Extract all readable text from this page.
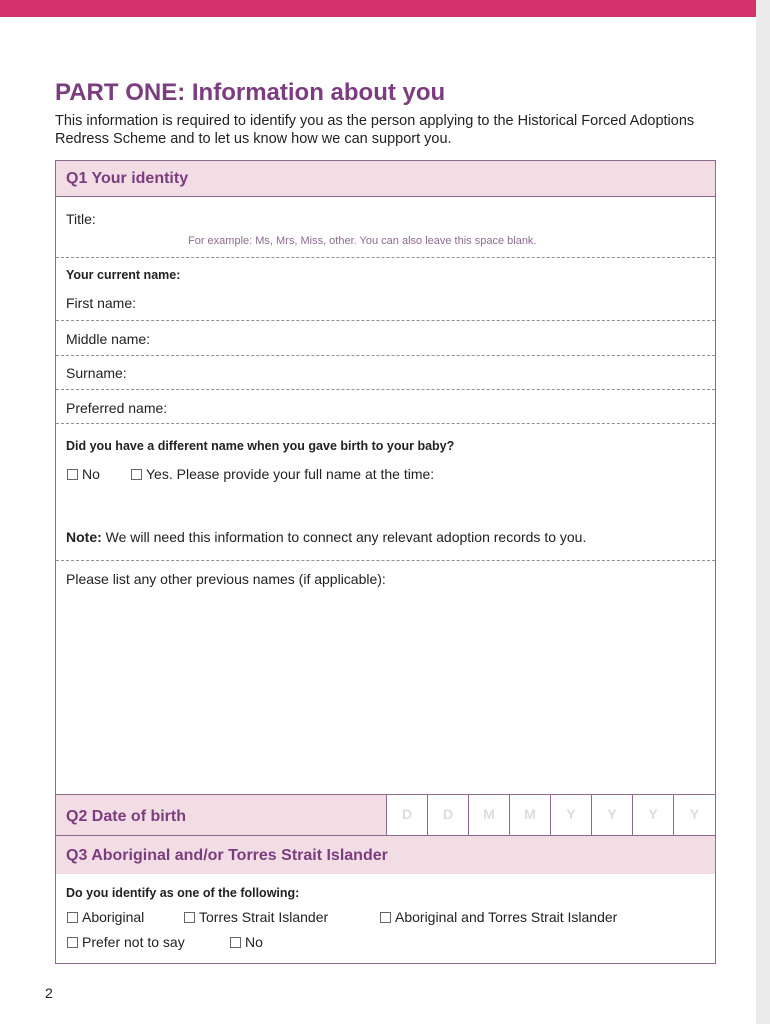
PART ONE: Information about you
This information is required to identify you as the person applying to the Historical Forced Adoptions Redress Scheme and to let us know how we can support you.
Q1 Your identity
Title:
For example: Ms, Mrs, Miss, other. You can also leave this space blank.
Your current name:
First name:
Middle name:
Surname:
Preferred name:
Did you have a different name when you gave birth to your baby?
No	Yes. Please provide your full name at the time:
Note: We will need this information to connect any relevant adoption records to you.
Please list any other previous names (if applicable):
Q2 Date of birth	D	D	M	M	Y	Y	Y	Y
Q3 Aboriginal and/or Torres Strait Islander
Do you identify as one of the following:
Aboriginal	Torres Strait Islander	Aboriginal and Torres Strait Islander
Prefer not to say	No
2
